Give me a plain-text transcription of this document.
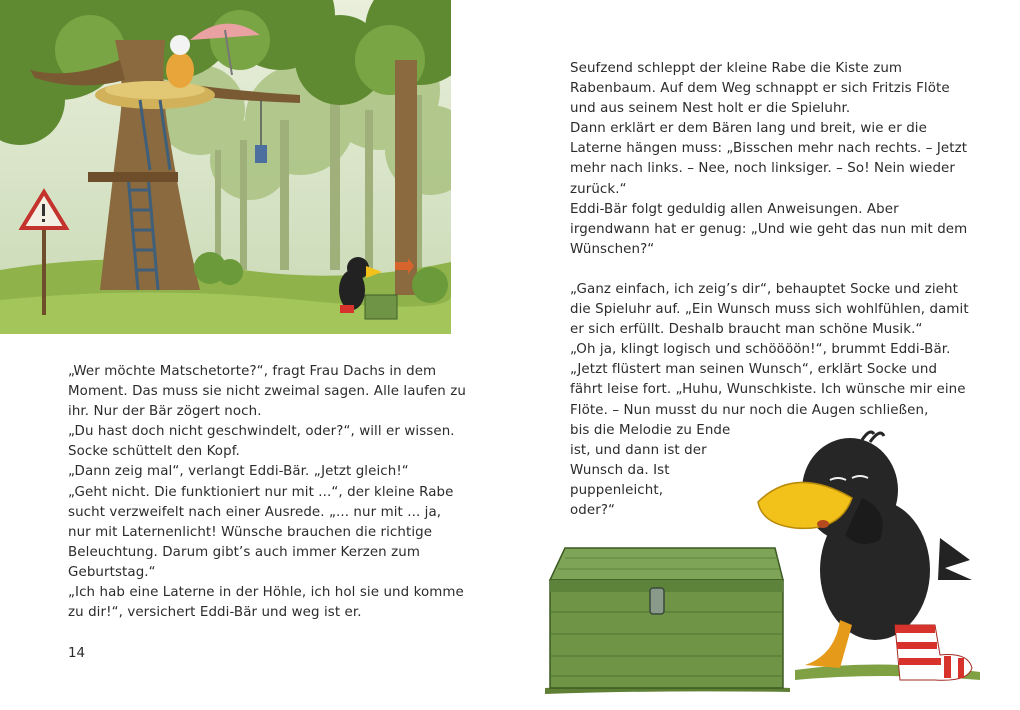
„Wer möchte Matschetorte?“, fragt Frau Dachs in dem

Moment. Das muss sie nicht zweimal sagen. Alle laufen zu

ihr. Nur der Bär zögert noch.

„Du hast doch nicht geschwindelt, oder?“, will er wissen.

Socke schüttelt den Kopf.

„Dann zeig mal“, verlangt Eddi-Bär. „Jetzt gleich!“

„Geht nicht. Die funktioniert nur mit ...“, der kleine Rabe

sucht verzweifelt nach einer Ausrede. „... nur mit ... ja,

nur mit Laternenlicht! Wünsche brauchen die richtige

Beleuchtung. Darum gibt’s auch immer Kerzen zum

Geburtstag.“

„Ich hab eine Laterne in der Höhle, ich hol sie und komme

zu dir!“, versichert Eddi-Bär und weg ist er.

14

Seufzend schleppt der kleine Rabe die Kiste zum

Rabenbaum. Auf dem Weg schnappt er sich Fritzis Flöte

und aus seinem Nest holt er die Spieluhr.

Dann erklärt er dem Bären lang und breit, wie er die

Laterne hängen muss: „Bisschen mehr nach rechts. – Jetzt

mehr nach links. – Nee, noch linksiger. – So! Nein wieder

zurück.“

Eddi-Bär folgt geduldig allen Anweisungen. Aber

irgendwann hat er genug: „Und wie geht das nun mit dem

Wünschen?“

„Ganz einfach, ich zeig’s dir“, behauptet Socke und zieht

die Spieluhr auf. „Ein Wunsch muss sich wohlfühlen, damit

er sich erfüllt. Deshalb braucht man schöne Musik.“

„Oh ja, klingt logisch und schöööön!“, brummt Eddi-Bär.

„Jetzt flüstert man seinen Wunsch“, erklärt Socke und

fährt leise fort. „Huhu, Wunschkiste. Ich wünsche mir eine

Flöte. – Nun musst du nur noch die Augen schließen,

bis die Melodie zu Ende

ist, und dann ist der

Wunsch da. Ist

puppenleicht,

oder?“
